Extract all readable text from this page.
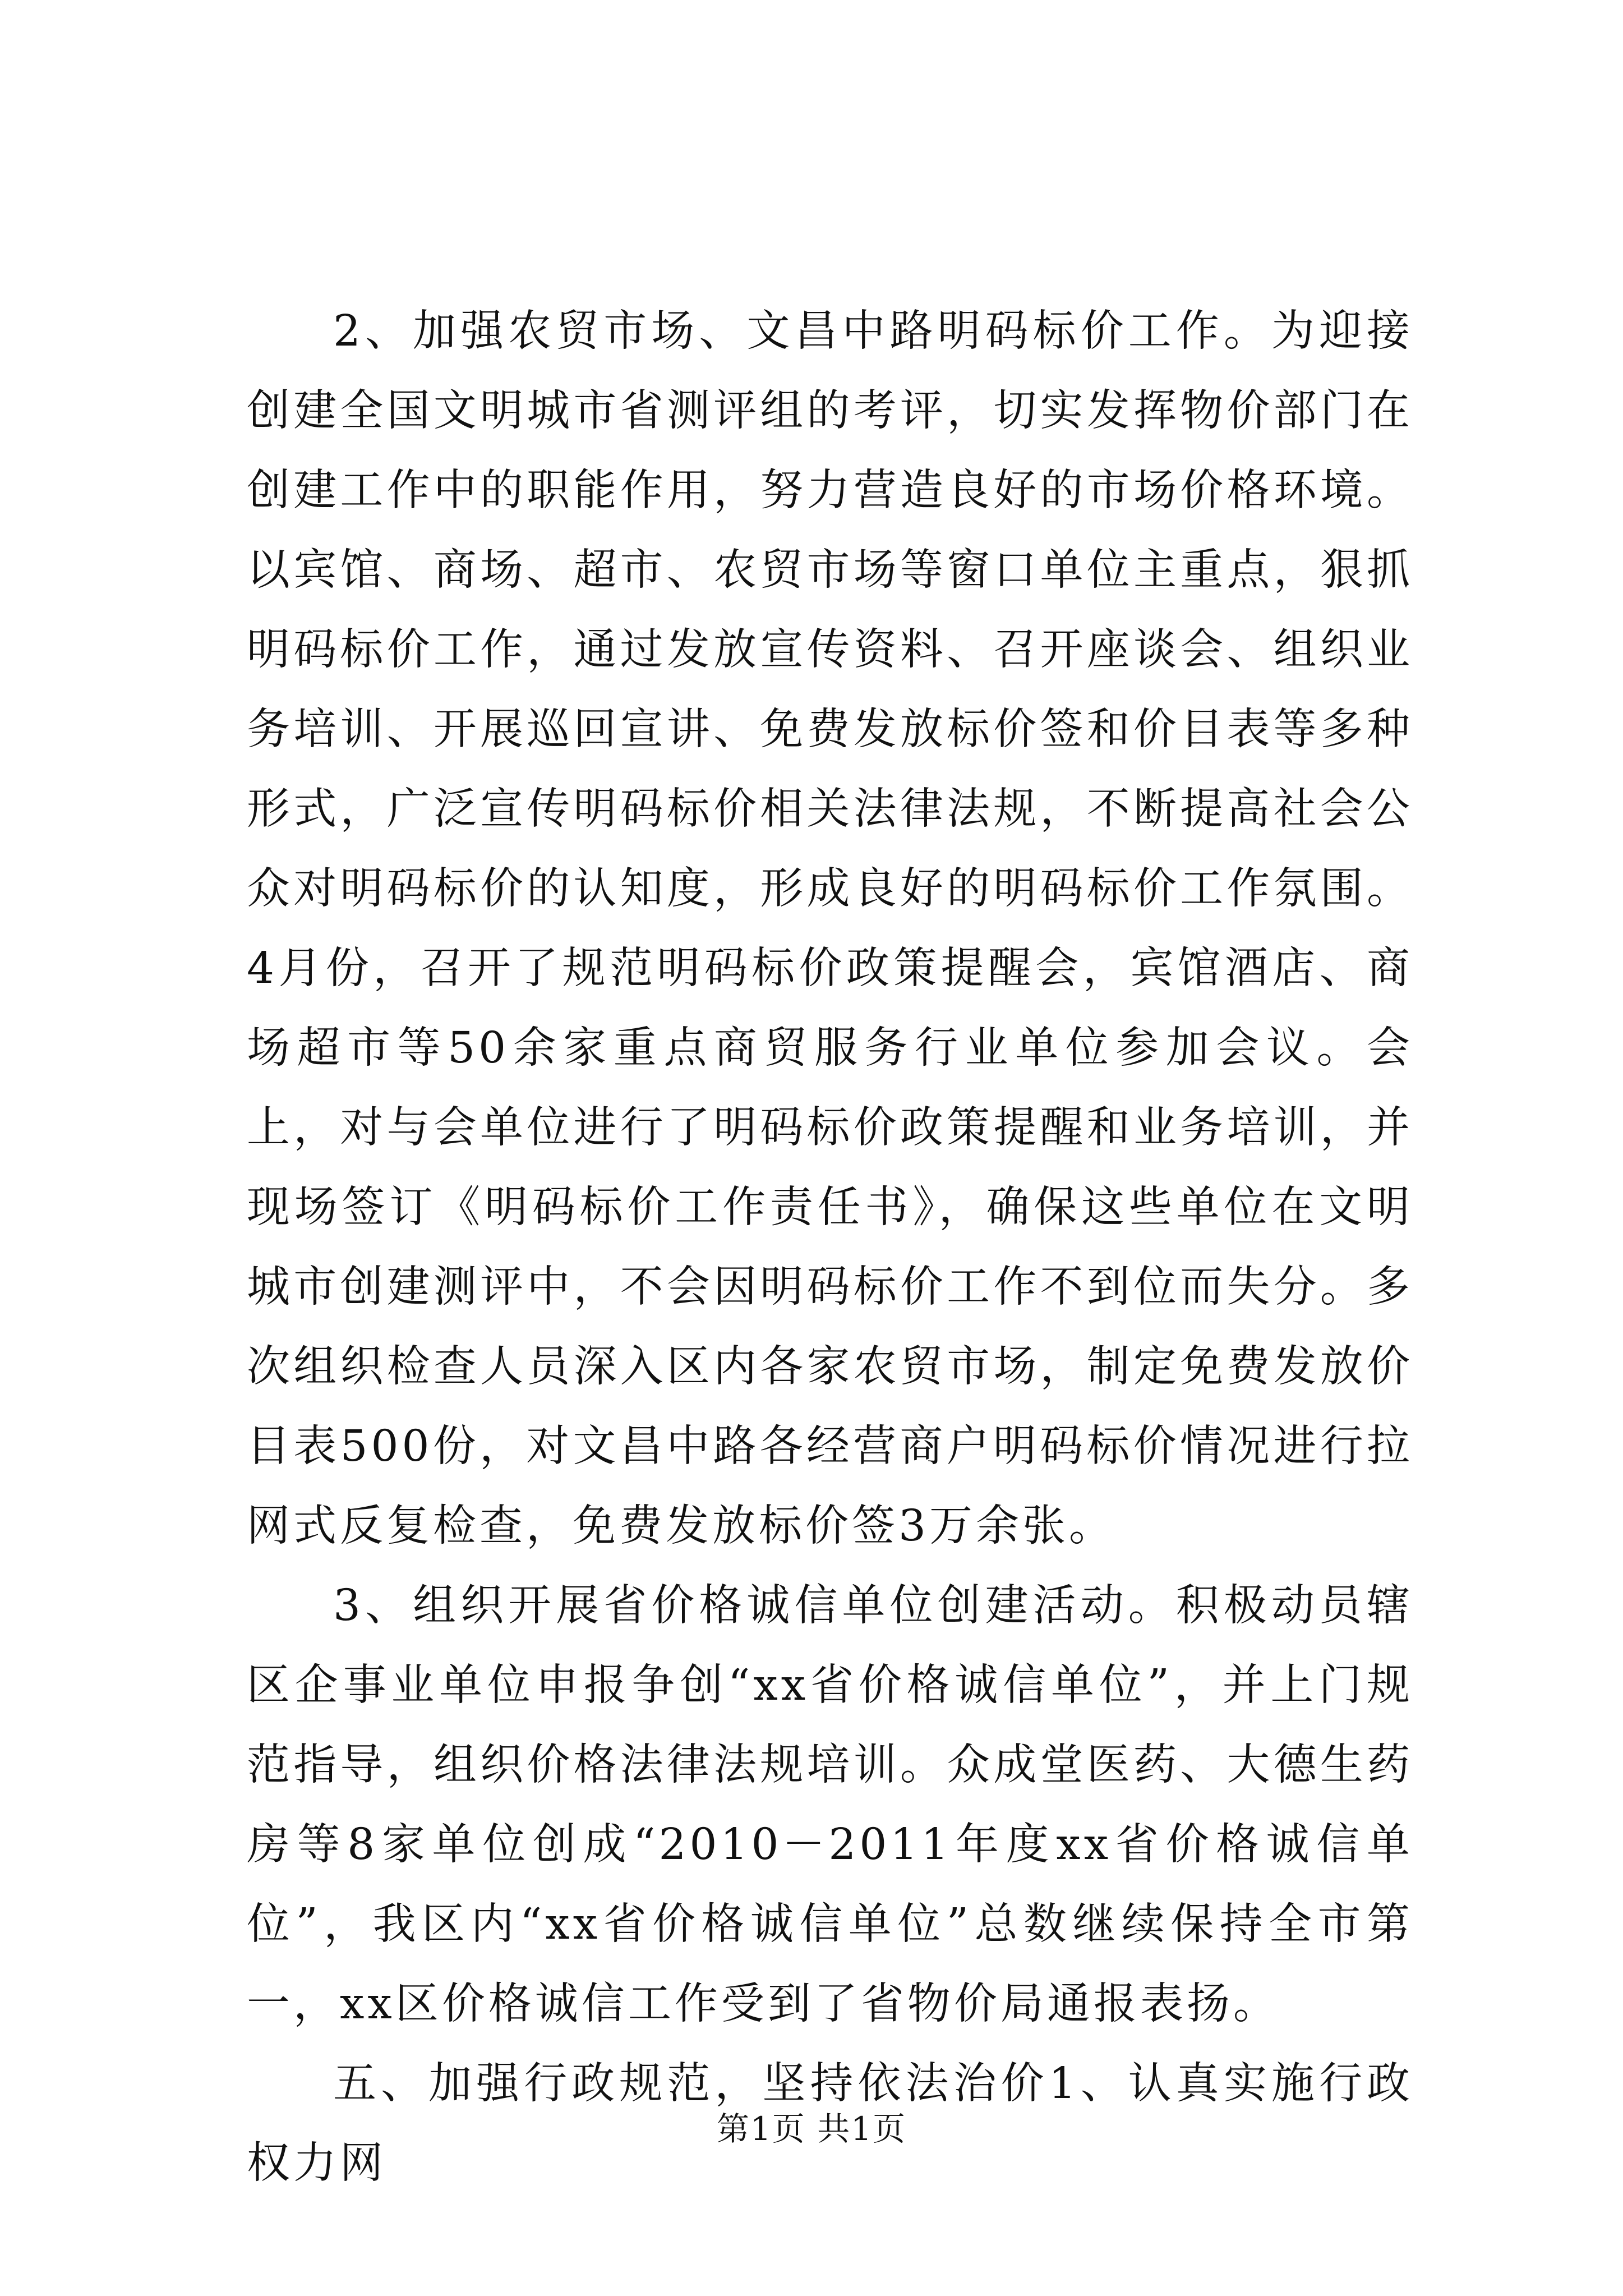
2、加强农贸市场、文昌中路明码标价工作。为迎接创建全国文明城市省测评组的考评，切实发挥物价部门在创建工作中的职能作用，努力营造良好的市场价格环境。以宾馆、商场、超市、农贸市场等窗口单位主重点，狠抓明码标价工作，通过发放宣传资料、召开座谈会、组织业务培训、开展巡回宣讲、免费发放标价签和价目表等多种形式，广泛宣传明码标价相关法律法规，不断提高社会公众对明码标价的认知度，形成良好的明码标价工作氛围。4月份，召开了规范明码标价政策提醒会，宾馆酒店、商场超市等50余家重点商贸服务行业单位参加会议。会上，对与会单位进行了明码标价政策提醒和业务培训，并现场签订《明码标价工作责任书》，确保这些单位在文明城市创建测评中，不会因明码标价工作不到位而失分。多次组织检查人员深入区内各家农贸市场，制定免费发放价目表500份，对文昌中路各经营商户明码标价情况进行拉网式反复检查，免费发放标价签3万余张。

3、组织开展省价格诚信单位创建活动。积极动员辖区企事业单位申报争创“xx省价格诚信单位”，并上门规范指导，组织价格法律法规培训。众成堂医药、大德生药房等8家单位创成“2010－2011年度xx省价格诚信单位”，我区内“xx省价格诚信单位”总数继续保持全市第一，xx区价格诚信工作受到了省物价局通报表扬。

五、加强行政规范，坚持依法治价1、认真实施行政权力网

第1页 共1页
